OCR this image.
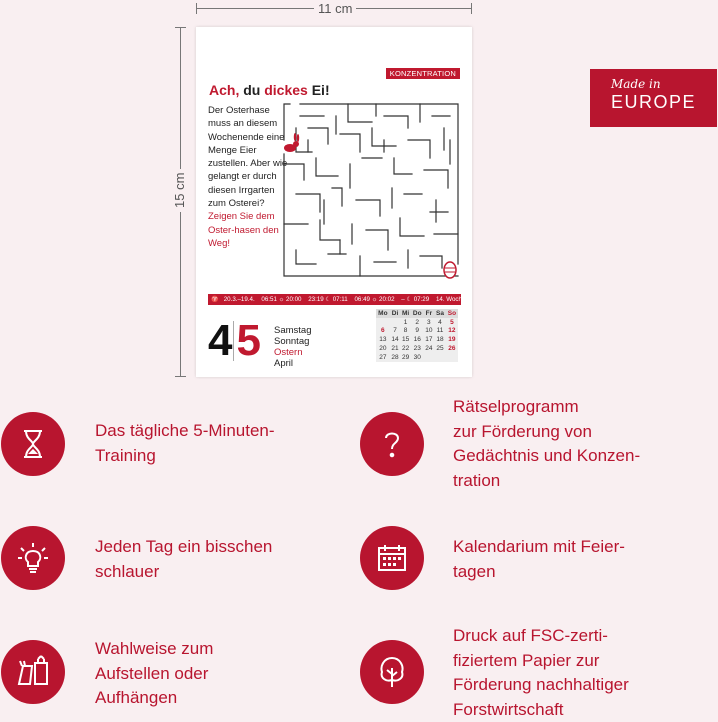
11 cm
15 cm
KONZENTRATION
Ach, du dickes Ei!
Der Osterhase muss an diesem Wochenende eine Menge Eier zustellen. Aber wie gelangt er durch diesen Irrgarten zum Osterei? Zeigen Sie dem Oster-hasen den Weg!
♈ 20.3.–19.4. 06:51 ☼ 20:00 23:19 ☾ 07:11 06:49 ☼ 20:02 – ☾ 07:29 14. Woche
4 5 Samstag
Sonntag
Ostern
April
Mo	Di	Mi	Do	Fr	Sa	So
		1	2	3	4	5
6	7	8	9	10	11	12
13	14	15	16	17	18	19
20	21	22	23	24	25	26
27	28	29	30			
Made in
EUROPE
Das tägliche 5-Minuten-
Training
Rätselprogramm
zur Förderung von
Gedächtnis und Konzen-
tration
Jeden Tag ein bisschen
schlauer
Kalendarium mit Feier-
tagen
Wahlweise zum
Aufstellen oder
Aufhängen
Druck auf FSC-zerti-
fiziertem Papier zur
Förderung nachhaltiger
Forstwirtschaft
